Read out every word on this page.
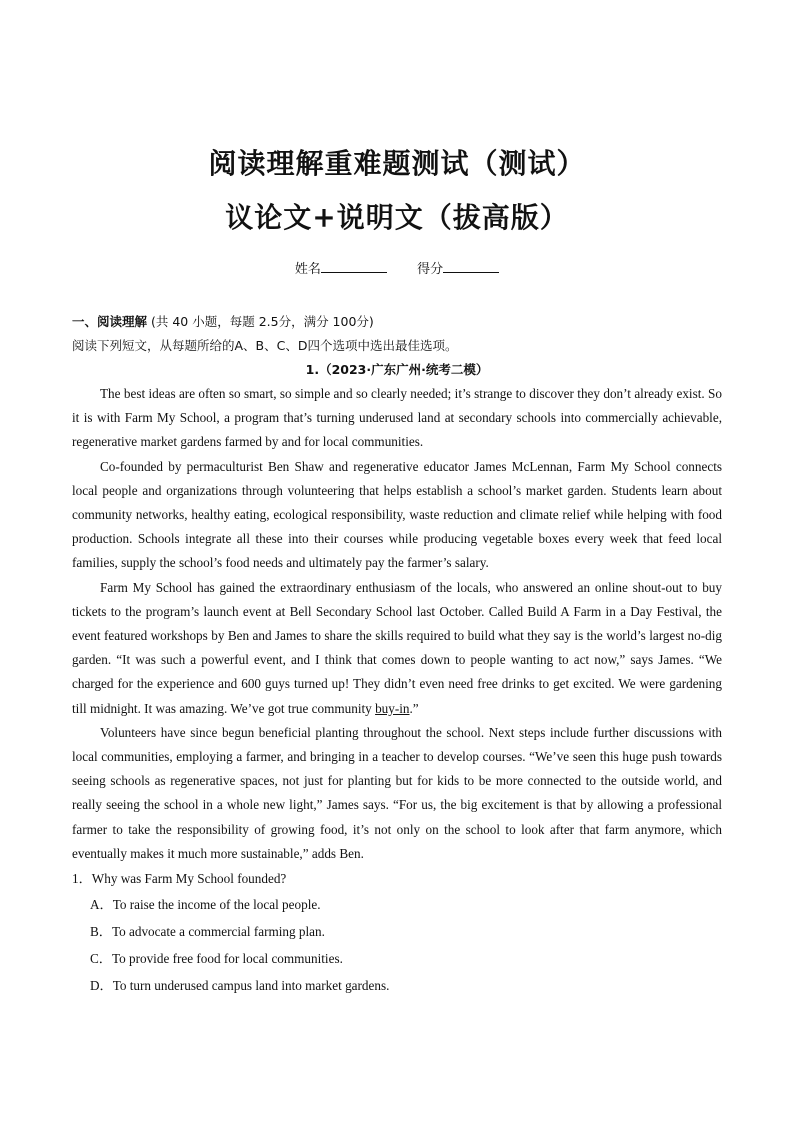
阅读理解重难题测试（测试）
议论文+说明文（拔高版）
姓名	得分
一、阅读理解 (共 40 小题，每题 2.5分，满分 100分)
阅读下列短文，从每题所给的A、B、C、D四个选项中选出最佳选项。
1.（2023·广东广州·统考二模）

The best ideas are often so smart, so simple and so clearly needed; it’s strange to discover they don’t already exist. So it is with Farm My School, a program that’s turning underused land at secondary schools into commercially achievable, regenerative market gardens farmed by and for local communities.

Co-founded by permaculturist Ben Shaw and regenerative educator James McLennan, Farm My School connects local people and organizations through volunteering that helps establish a school’s market garden. Students learn about community networks, healthy eating, ecological responsibility, waste reduction and climate relief while helping with food production. Schools integrate all these into their courses while producing vegetable boxes every week that feed local families, supply the school’s food needs and ultimately pay the farmer’s salary.

Farm My School has gained the extraordinary enthusiasm of the locals, who answered an online shout-out to buy tickets to the program’s launch event at Bell Secondary School last October. Called Build A Farm in a Day Festival, the event featured workshops by Ben and James to share the skills required to build what they say is the world’s largest no-dig garden. “It was such a powerful event, and I think that comes down to people wanting to act now,” says James. “We charged for the experience and 600 guys turned up! They didn’t even need free drinks to get excited. We were gardening till midnight. It was amazing. We’ve got true community buy-in.”

Volunteers have since begun beneficial planting throughout the school. Next steps include further discussions with local communities, employing a farmer, and bringing in a teacher to develop courses. “We’ve seen this huge push towards seeing schools as regenerative spaces, not just for planting but for kids to be more connected to the outside world, and really seeing the school in a whole new light,” James says. “For us, the big excitement is that by allowing a professional farmer to take the responsibility of growing food, it’s not only on the school to look after that farm anymore, which eventually makes it much more sustainable,” adds Ben.

1．Why was Farm My School founded?

A．To raise the income of the local people.
B．To advocate a commercial farming plan.
C．To provide free food for local communities.
D．To turn underused campus land into market gardens.
